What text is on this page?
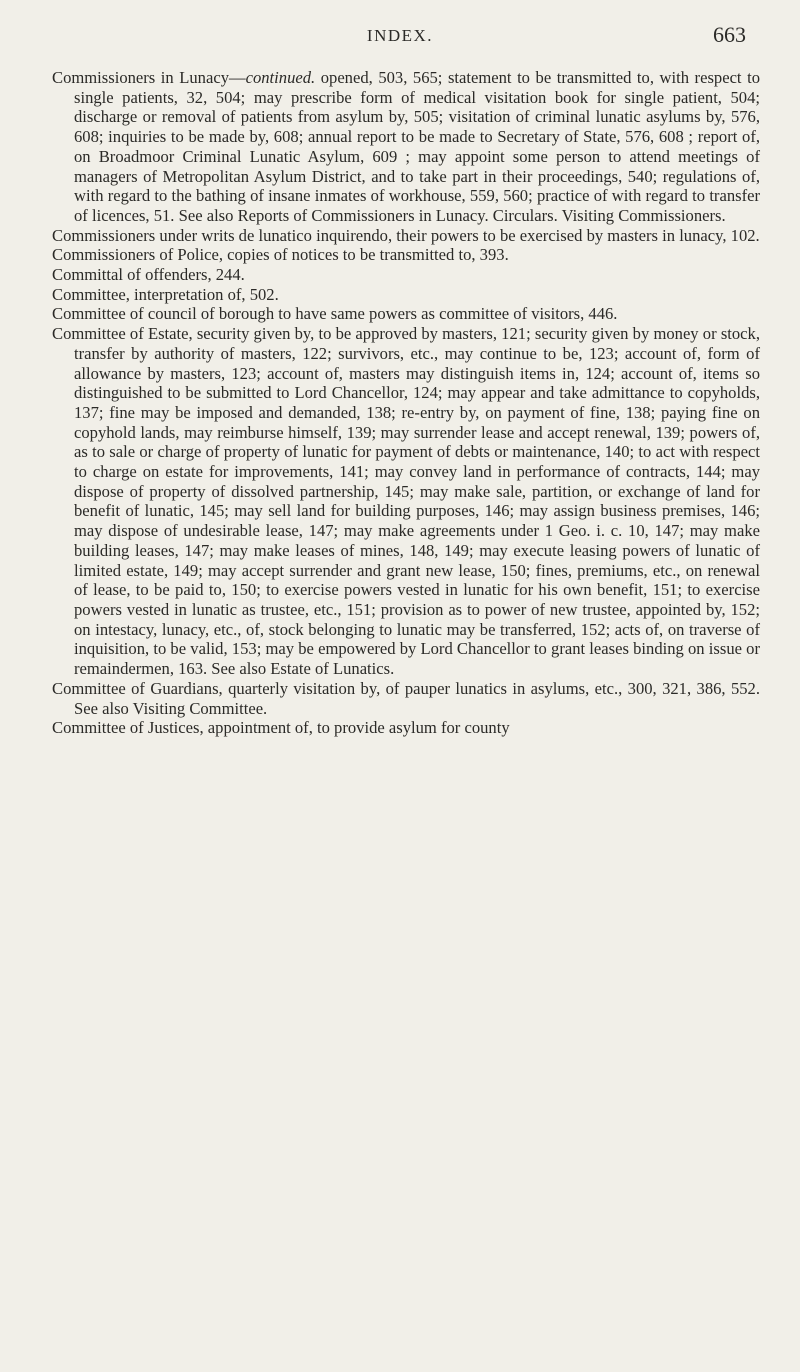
INDEX.	663

Commissioners in Lunacy—continued. opened, 503, 565; statement to be transmitted to, with respect to single patients, 32, 504; may prescribe form of medical visitation book for single patient, 504; discharge or removal of patients from asylum by, 505; visitation of criminal lunatic asylums by, 576, 608; inquiries to be made by, 608; annual report to be made to Secretary of State, 576, 608 ; report of, on Broadmoor Criminal Lunatic Asylum, 609 ; may appoint some person to attend meetings of managers of Metropolitan Asylum District, and to take part in their proceedings, 540; regulations of, with regard to the bathing of insane inmates of workhouse, 559, 560; practice of with regard to transfer of licences, 51. See also Reports of Commissioners in Lunacy. Circulars. Visiting Commissioners.

Commissioners under writs de lunatico inquirendo, their powers to be exercised by masters in lunacy, 102.

Commissioners of Police, copies of notices to be transmitted to, 393.

Committal of offenders, 244.

Committee, interpretation of, 502.

Committee of council of borough to have same powers as committee of visitors, 446.

Committee of Estate, security given by, to be approved by masters, 121; security given by money or stock, transfer by authority of masters, 122; survivors, etc., may continue to be, 123; account of, form of allowance by masters, 123; account of, masters may distinguish items in, 124; account of, items so distinguished to be submitted to Lord Chancellor, 124; may appear and take admittance to copyholds, 137; fine may be imposed and demanded, 138; re-entry by, on payment of fine, 138; paying fine on copyhold lands, may reimburse himself, 139; may surrender lease and accept renewal, 139; powers of, as to sale or charge of property of lunatic for payment of debts or maintenance, 140; to act with respect to charge on estate for improvements, 141; may convey land in performance of contracts, 144; may dispose of property of dissolved partnership, 145; may make sale, partition, or exchange of land for benefit of lunatic, 145; may sell land for building purposes, 146; may assign business premises, 146; may dispose of undesirable lease, 147; may make agreements under 1 Geo. i. c. 10, 147; may make building leases, 147; may make leases of mines, 148, 149; may execute leasing powers of lunatic of limited estate, 149; may accept surrender and grant new lease, 150; fines, premiums, etc., on renewal of lease, to be paid to, 150; to exercise powers vested in lunatic for his own benefit, 151; to exercise powers vested in lunatic as trustee, etc., 151; provision as to power of new trustee, appointed by, 152; on intestacy, lunacy, etc., of, stock belonging to lunatic may be transferred, 152; acts of, on traverse of inquisition, to be valid, 153; may be empowered by Lord Chancellor to grant leases binding on issue or remaindermen, 163. See also Estate of Lunatics.

Committee of Guardians, quarterly visitation by, of pauper lunatics in asylums, etc., 300, 321, 386, 552. See also Visiting Committee.

Committee of Justices, appointment of, to provide asylum for county
